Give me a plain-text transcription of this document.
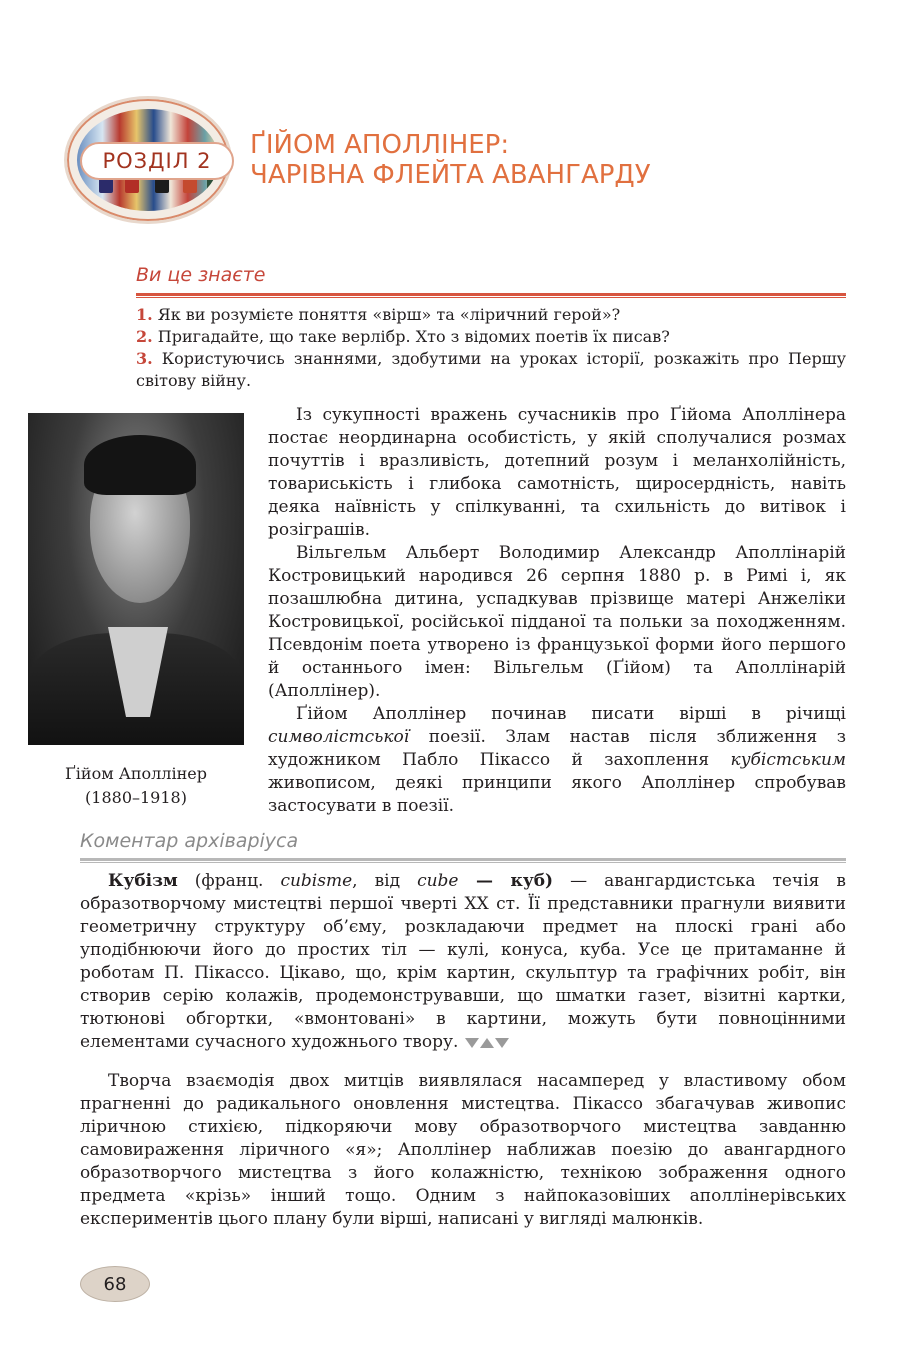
РОЗДІЛ 2
ҐІЙОМ АПОЛЛІНЕР:
ЧАРІВНА ФЛЕЙТА АВАНГАРДУ
Ви це знаєте
1. Як ви розумієте поняття «вірш» та «ліричний герой»?
2. Пригадайте, що таке верлібр. Хто з відомих поетів їх писав?
3. Користуючись знаннями, здобутими на уроках історії, розкажіть про Першу світову війну.
Ґійом Аполлінер
(1880–1918)

Із сукупності вражень сучасників про Ґійома Аполлінера постає неординарна особистість, у якій сполучалися розмах почуттів і вразливість, дотепний розум і меланхолійність, товариськість і глибока самотність, щиросердність, навіть деяка наївність у спілкуванні, та схильність до витівок і розіграшів.

Вільгельм Альберт Володимир Александр Аполлінарій Костровицький народився 26 серпня 1880 р. в Римі і, як позашлюбна дитина, успадкував прізвище матері Анжеліки Костровицької, російської підданої та польки за походженням. Псевдонім поета утворено із французької форми його першого й останнього імен: Вільгельм (Ґійом) та Аполлінарій (Аполлінер).

Ґійом Аполлінер починав писати вірші в річищі символістської поезії. Злам настав після зближення з художником Пабло Пікассо й захоплення кубістським живописом, деякі принципи якого Аполлінер спробував застосувати в поезії.

Коментар архіваріуса

Кубізм (франц. cubisme, від cube — куб) — авангардистська течія в образотворчому мистецтві першої чверті XX ст. Її представники прагнули виявити геометричну структуру об’єму, розкладаючи предмет на плоскі грані або уподібнюючи його до простих тіл — кулі, конуса, куба. Усе це притаманне й роботам П. Пікассо. Цікаво, що, крім картин, скульптур та графічних робіт, він створив серію колажів, продемонструвавши, що шматки газет, візитні картки, тютюнові обгортки, «вмонтовані» в картини, можуть бути повноцінними елементами сучасного художнього твору.

Творча взаємодія двох митців виявлялася насамперед у властивому обом прагненні до радикального оновлення мистецтва. Пікассо збагачував живопис ліричною стихією, підкоряючи мову образотворчого мистецтва завданню самовираження ліричного «я»; Аполлінер наближав поезію до авангардного образотворчого мистецтва з його колажністю, технікою зображення одного предмета «крізь» інший тощо. Одним з найпоказовіших аполлінерівських експериментів цього плану були вірші, написані у вигляді малюнків.

68
